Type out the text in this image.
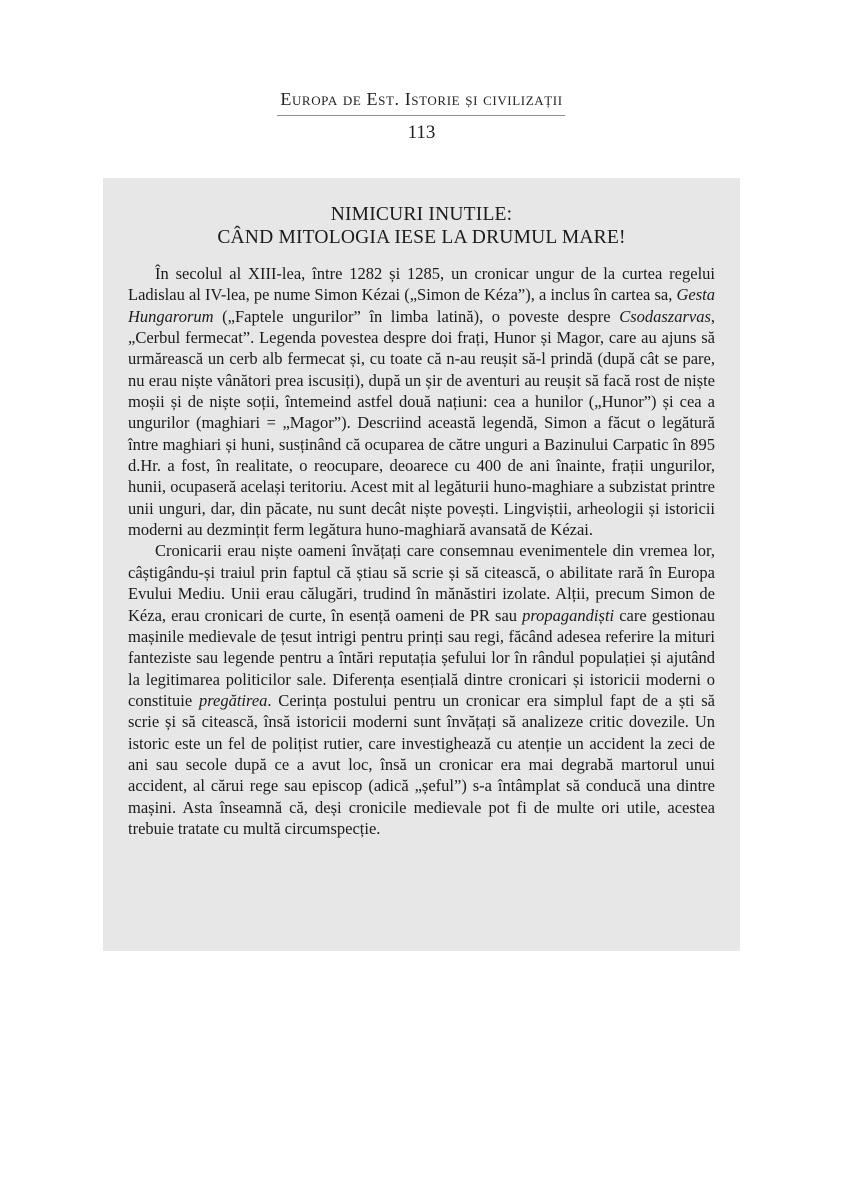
Europa de Est. Istorie și civilizații
113
NIMICURI INUTILE:
CÂND MITOLOGIA IESE LA DRUMUL MARE!

În secolul al XIII-lea, între 1282 și 1285, un cronicar ungur de la curtea regelui Ladislau al IV-lea, pe nume Simon Kézai („Simon de Kéza”), a inclus în cartea sa, Gesta Hungarorum („Faptele ungurilor” în limba latină), o poveste despre Csodaszarvas, „Cerbul fermecat”. Legenda povestea despre doi frați, Hunor și Magor, care au ajuns să urmărească un cerb alb fermecat și, cu toate că n-au reușit să-l prindă (după cât se pare, nu erau niște vânători prea iscusiți), după un șir de aventuri au reușit să facă rost de niște moșii și de niște soții, întemeind astfel două națiuni: cea a hunilor („Hunor”) și cea a ungurilor (maghiari = „Magor”). Descriind această legendă, Simon a făcut o legătură între maghiari și huni, susținând că ocuparea de către unguri a Bazinului Carpatic în 895 d.Hr. a fost, în realitate, o reocupare, deoarece cu 400 de ani înainte, frații ungurilor, hunii, ocupaseră același teritoriu. Acest mit al legăturii huno-maghiare a subzistat printre unii unguri, dar, din păcate, nu sunt decât niște povești. Lingviștii, arheologii și istoricii moderni au dezmințit ferm legătura huno-maghiară avansată de Kézai.

Cronicarii erau niște oameni învățați care consemnau evenimentele din vremea lor, câștigându-și traiul prin faptul că știau să scrie și să citească, o abilitate rară în Europa Evului Mediu. Unii erau călugări, trudind în mănăstiri izolate. Alții, precum Simon de Kéza, erau cronicari de curte, în esență oameni de PR sau propagandiști care gestionau mașinile medievale de țesut intrigi pentru prinți sau regi, făcând adesea referire la mituri fanteziste sau legende pentru a întări reputația șefului lor în rândul populației și ajutând la legitimarea politicilor sale. Diferența esențială dintre cronicari și istoricii moderni o constituie pregătirea. Cerința postului pentru un cronicar era simplul fapt de a ști să scrie și să citească, însă istoricii moderni sunt învățați să analizeze critic dovezile. Un istoric este un fel de polițist rutier, care investighează cu atenție un accident la zeci de ani sau secole după ce a avut loc, însă un cronicar era mai degrabă martorul unui accident, al cărui rege sau episcop (adică „șeful”) s-a întâmplat să conducă una dintre mașini. Asta înseamnă că, deși cronicile medievale pot fi de multe ori utile, acestea trebuie tratate cu multă circumspecție.
